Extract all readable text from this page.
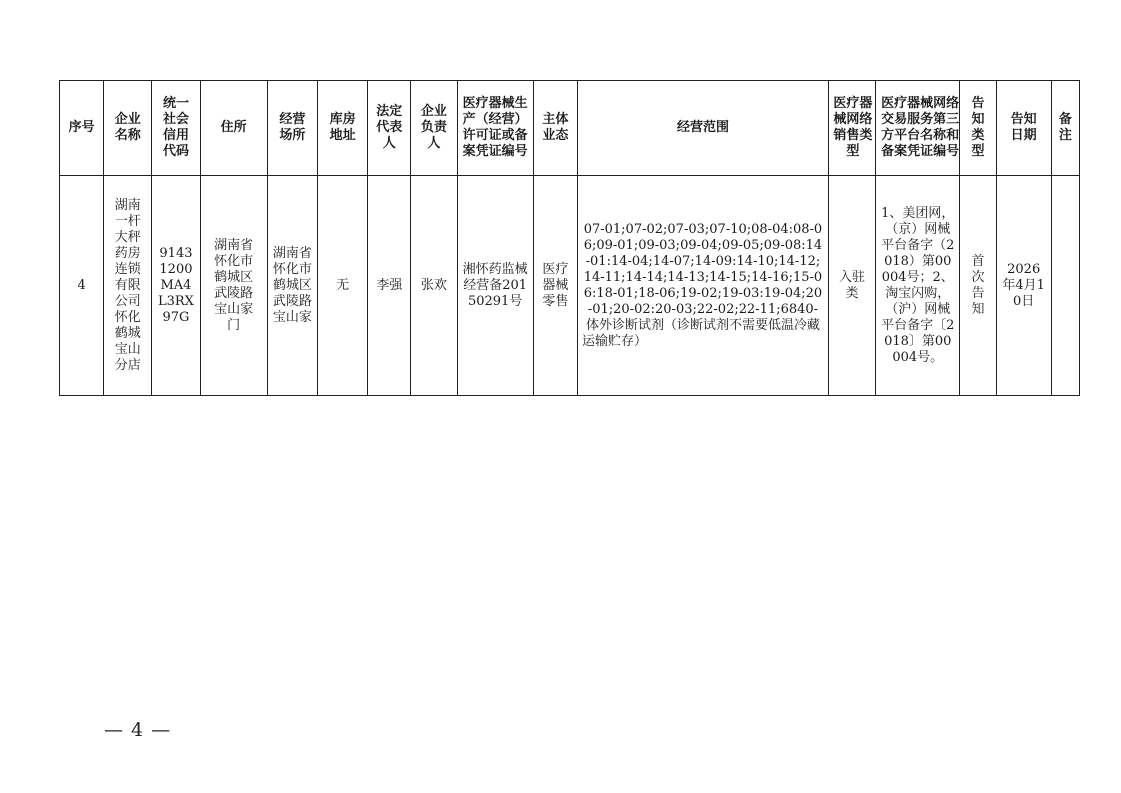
序号	企业名称	统一社会信用代码	住所	经营场所	库房地址	法定代表人	企业负责人	医疗器械生产（经营）许可证或备案凭证编号	主体业态	经营范围	医疗器械网络销售类型	医疗器械网络交易服务第三方平台名称和备案凭证编号	告知类型	告知日期	备注

4	湖南一杆大秤药房连锁有限公司怀化鹤城宝山分店	91431200MA4L3RX97G	湖南省怀化市鹤城区武陵路宝山家门	湖南省怀化市鹤城区武陵路宝山家	无	李强	张欢	湘怀药监械经营备20150291号	医疗器械零售	07-01;07-02;07-03;07-10;08-04:08-06;09-01;09-03;09-04;09-05;09-08:14-01:14-04;14-07;14-09:14-10;14-12;14-11;14-14;14-13;14-15;14-16;15-06:18-01;18-06;19-02;19-03:19-04;20-01;20-02:20-03;22-02;22-11;6840-体外诊断试剂（诊断试剂不需要低温冷藏运输贮存）	入驻类	1、美团网，（京）网械平台备字（2018）第00004号；2、淘宝闪购，（沪）网械平台备字〔2018〕第00004号。	首次告知	2026年4月10日	

— 4 —
